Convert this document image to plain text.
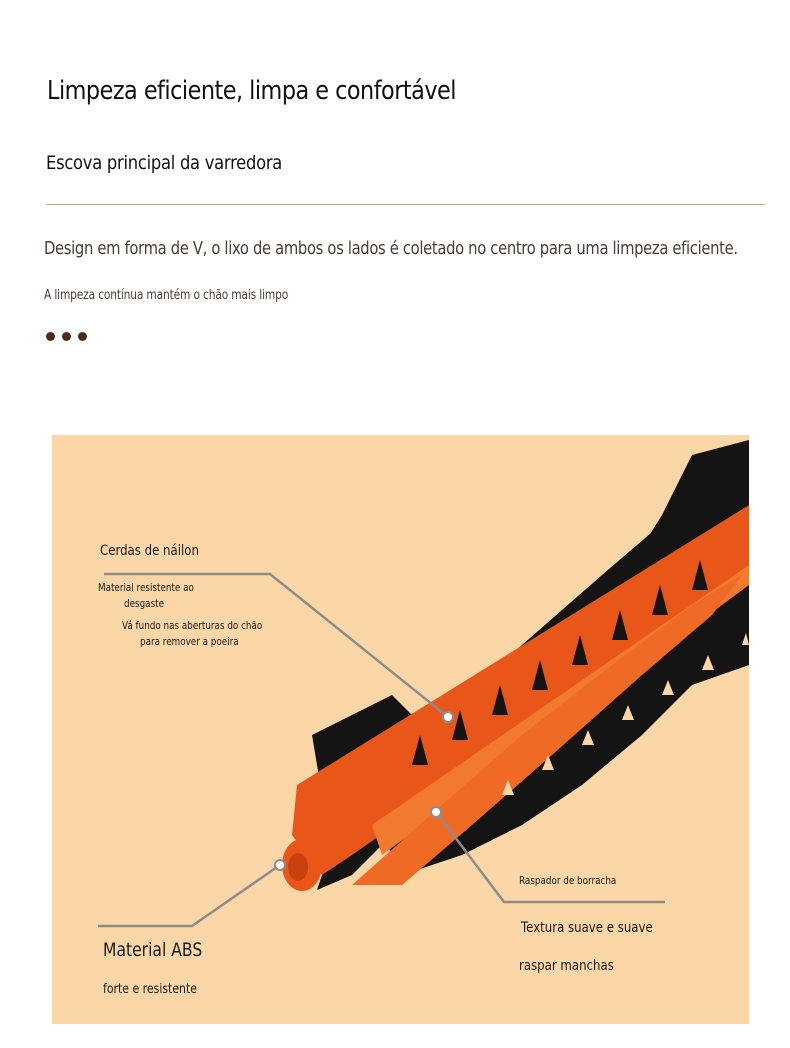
Limpeza eficiente, limpa e confortável
Escova principal da varredora
Design em forma de V, o lixo de ambos os lados é coletado no centro para uma limpeza eficiente.
A limpeza contínua mantém o chão mais limpo
Cerdas de náilon
Material resistente ao
desgaste
Vá fundo nas aberturas do chão
para remover a poeira
Raspador de borracha
Textura suave e suave
raspar manchas
Material ABS
forte e resistente
